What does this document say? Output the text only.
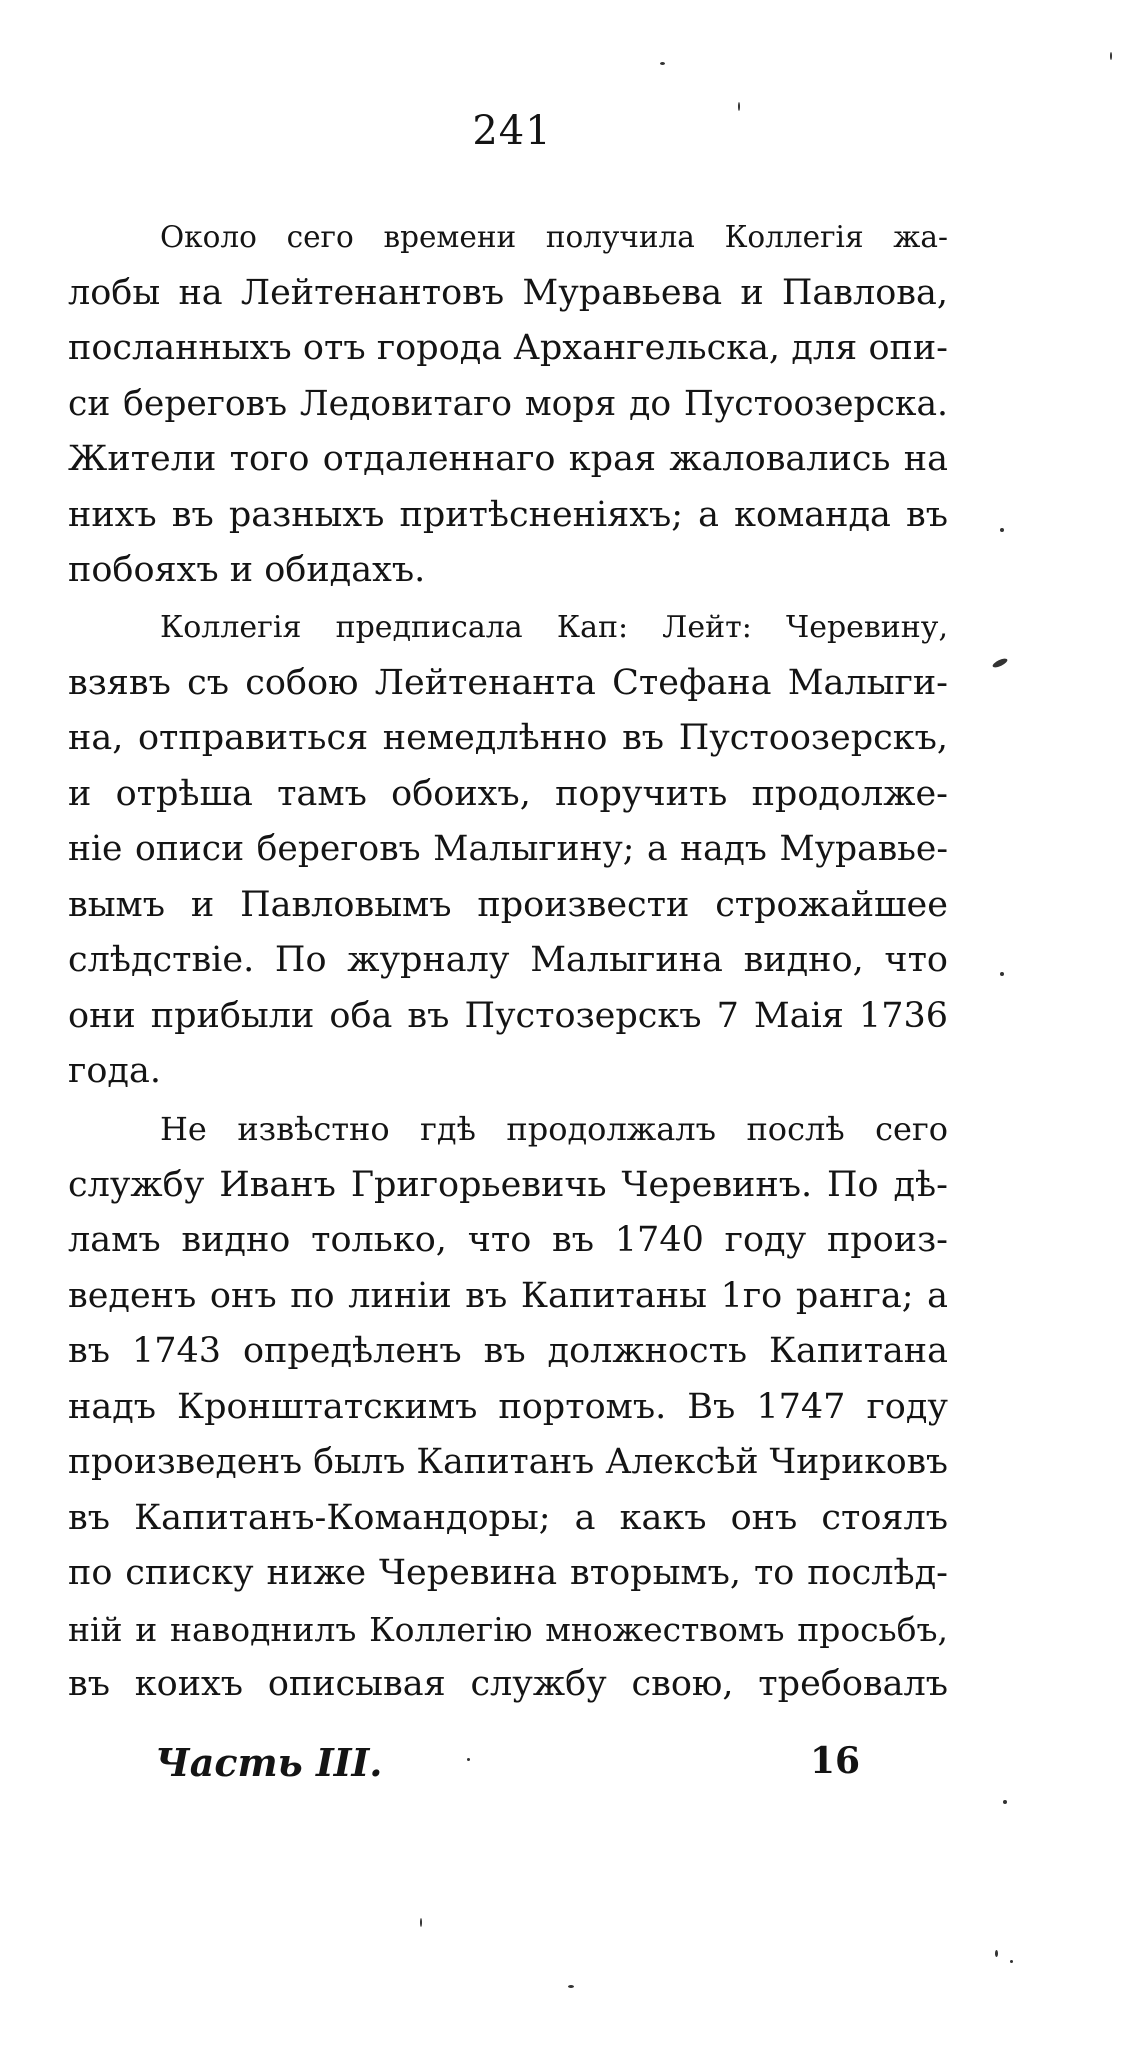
241
Около сего времени получила Коллегія жа-
лобы на Лейтенантовъ Муравьева и Павлова,
посланныхъ отъ города Архангельска, для опи-
си береговъ Ледовитаго моря до Пустоозерска.
Жители того отдаленнаго края жаловались на
нихъ въ разныхъ притѣсненіяхъ; а команда въ
побояхъ и обидахъ.
Коллегія предписала Кап: Лейт: Черевину,
взявъ съ собою Лейтенанта Стефана Малыги-
на, отправиться немедлѣнно въ Пустоозерскъ,
и отрѣша тамъ обоихъ, поручить продолже-
ніе описи береговъ Малыгину; а надъ Муравье-
вымъ и Павловымъ произвести строжайшее
слѣдствіе. По журналу Малыгина видно, что
они прибыли оба въ Пустозерскъ 7 Маія 1736
года.
Не извѣстно гдѣ продолжалъ послѣ сего
службу Иванъ Григорьевичь Черевинъ. По дѣ-
ламъ видно только, что въ 1740 году произ-
веденъ онъ по линіи въ Капитаны 1го ранга; а
въ 1743 опредѣленъ въ должность Капитана
надъ Кронштатскимъ портомъ. Въ 1747 году
произведенъ былъ Капитанъ Алексѣй Чириковъ
въ Капитанъ-Командоры; а какъ онъ стоялъ
по списку ниже Черевина вторымъ, то послѣд-
ній и наводнилъ Коллегію множествомъ просьбъ,
въ коихъ описывая службу свою, требовалъ
Часть III.	16
